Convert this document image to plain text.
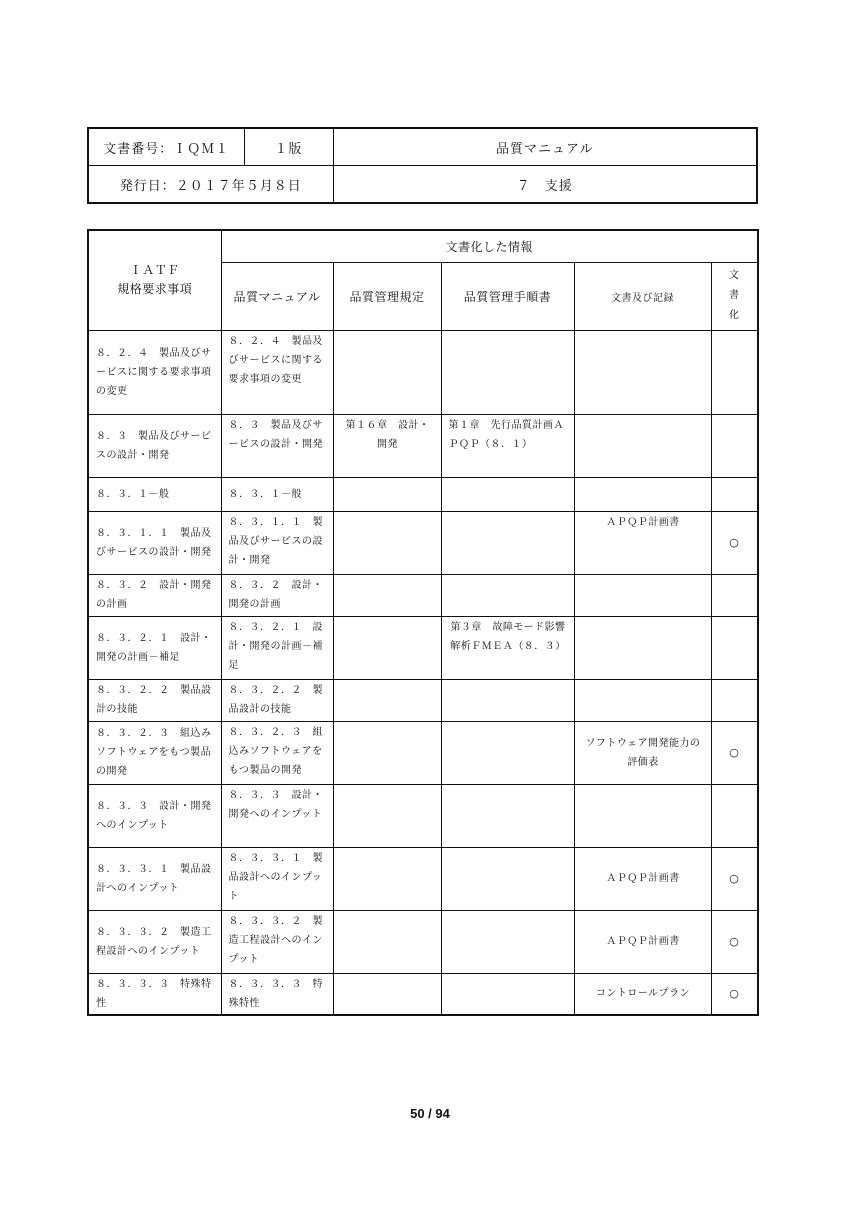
文書番号：ＩＱＭ１	１版	品質マニュアル
発行日：２０１７年５月８日		７　支援
ＩＡＴＦ
規格要求事項	文書化した情報				
	品質マニュアル	品質管理規定	品質管理手順書	文書及び記録	文書化
８．２．４　製品及びサービスに関する要求事項の変更	８．２．４　製品及びサービスに関する要求事項の変更				
８．３　製品及びサービスの設計・開発	８．３　製品及びサービスの設計・開発	第１６章　設計・開発	第１章　先行品質計画ＡＰＱＰ（８．１）		
８．３．１－般	８．３．１－般				
８．３．１．１　製品及びサービスの設計・開発	８．３．１．１　製品及びサービスの設計・開発			ＡＰＱＰ計画書	○
８．３．２　設計・開発の計画	８．３．２　設計・開発の計画				
８．３．２．１　設計・開発の計画－補足	８．３．２．１　設計・開発の計画－補足		第３章　故障モード影響解析ＦＭＥＡ（８．３）		
８．３．２．２　製品設計の技能	８．３．２．２　製品設計の技能				
８．３．２．３　組込みソフトウェアをもつ製品の開発	８．３．２．３　組込みソフトウェアをもつ製品の開発			ソフトウェア開発能力の評価表	○
８．３．３　設計・開発へのインプット	８．３．３　設計・開発へのインプット				
８．３．３．１　製品設計へのインプット	８．３．３．１　製品設計へのインプット			ＡＰＱＰ計画書	○
８．３．３．２　製造工程設計へのインプット	８．３．３．２　製造工程設計へのインプット			ＡＰＱＰ計画書	○
８．３．３．３　特殊特性	８．３．３．３　特殊特性			コントロールプラン	○
50 / 94
